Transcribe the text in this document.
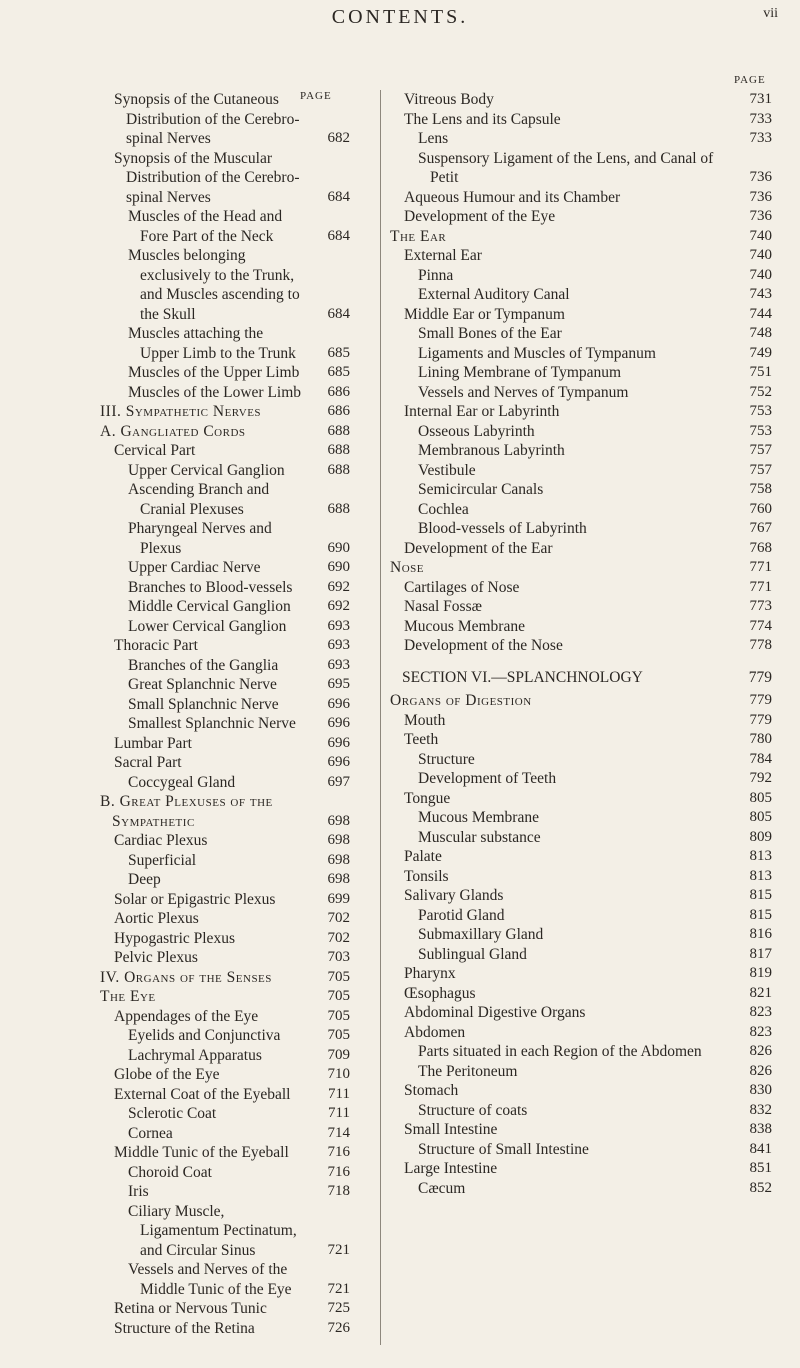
CONTENTS.	vii
PAGE
PAGE
Synopsis of the Cutaneous Distribution of the Cerebro-spinal Nerves	682
Synopsis of the Muscular Distribution of the Cerebro-spinal Nerves	684
Muscles of the Head and Fore Part of the Neck	684
Muscles belonging exclusively to the Trunk, and Muscles ascending to the Skull	684
Muscles attaching the Upper Limb to the Trunk	685
Muscles of the Upper Limb	685
Muscles of the Lower Limb	686
III. Sympathetic Nerves	686
A. Gangliated Cords	688
Cervical Part	688
Upper Cervical Ganglion	688
Ascending Branch and Cranial Plexuses	688
Pharyngeal Nerves and Plexus	690
Upper Cardiac Nerve	690
Branches to Blood-vessels	692
Middle Cervical Ganglion	692
Lower Cervical Ganglion	693
Thoracic Part	693
Branches of the Ganglia	693
Great Splanchnic Nerve	695
Small Splanchnic Nerve	696
Smallest Splanchnic Nerve	696
Lumbar Part	696
Sacral Part	696
Coccygeal Gland	697
B. Great Plexuses of the Sympathetic	698
Cardiac Plexus	698
Superficial	698
Deep	698
Solar or Epigastric Plexus	699
Aortic Plexus	702
Hypogastric Plexus	702
Pelvic Plexus	703
IV. Organs of the Senses	705
The Eye	705
Appendages of the Eye	705
Eyelids and Conjunctiva	705
Lachrymal Apparatus	709
Globe of the Eye	710
External Coat of the Eyeball	711
Sclerotic Coat	711
Cornea	714
Middle Tunic of the Eyeball	716
Choroid Coat	716
Iris	718
Ciliary Muscle, Ligamentum Pectinatum, and Circular Sinus	721
Vessels and Nerves of the Middle Tunic of the Eye	721
Retina or Nervous Tunic	725
Structure of the Retina	726
Vitreous Body	731
The Lens and its Capsule	733
Lens	733
Suspensory Ligament of the Lens, and Canal of Petit	736
Aqueous Humour and its Chamber	736
Development of the Eye	736
The Ear	740
External Ear	740
Pinna	740
External Auditory Canal	743
Middle Ear or Tympanum	744
Small Bones of the Ear	748
Ligaments and Muscles of Tympanum	749
Lining Membrane of Tympanum	751
Vessels and Nerves of Tympanum	752
Internal Ear or Labyrinth	753
Osseous Labyrinth	753
Membranous Labyrinth	757
Vestibule	757
Semicircular Canals	758
Cochlea	760
Blood-vessels of Labyrinth	767
Development of the Ear	768
Nose	771
Cartilages of Nose	771
Nasal Fossæ	773
Mucous Membrane	774
Development of the Nose	778
SECTION VI.—SPLANCHNOLOGY	779
Organs of Digestion	779
Mouth	779
Teeth	780
Structure	784
Development of Teeth	792
Tongue	805
Mucous Membrane	805
Muscular substance	809
Palate	813
Tonsils	813
Salivary Glands	815
Parotid Gland	815
Submaxillary Gland	816
Sublingual Gland	817
Pharynx	819
Œsophagus	821
Abdominal Digestive Organs	823
Abdomen	823
Parts situated in each Region of the Abdomen	826
The Peritoneum	826
Stomach	830
Structure of coats	832
Small Intestine	838
Structure of Small Intestine	841
Large Intestine	851
Cæcum	852
